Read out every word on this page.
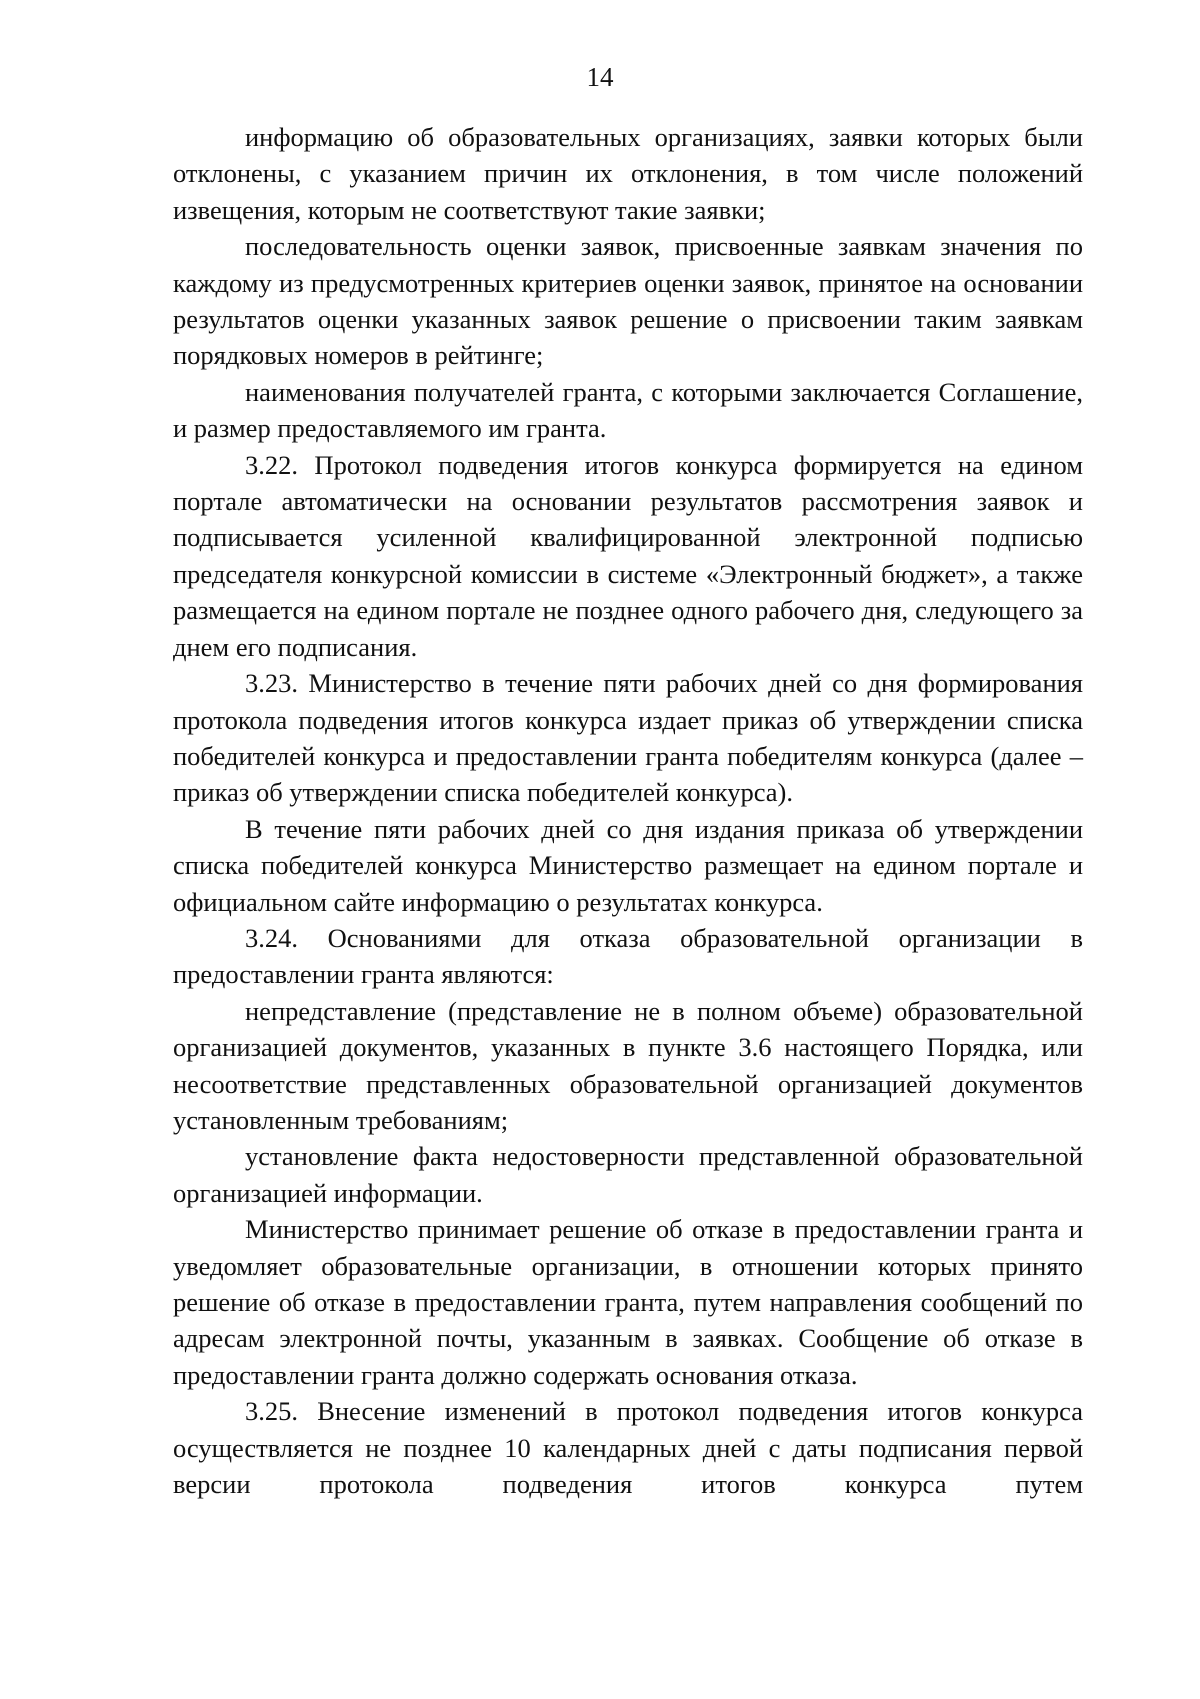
14

информацию об образовательных организациях, заявки которых были отклонены, с указанием причин их отклонения, в том числе положений извещения, которым не соответствуют такие заявки;

последовательность оценки заявок, присвоенные заявкам значения по каждому из предусмотренных критериев оценки заявок, принятое на основании результатов оценки указанных заявок решение о присвоении таким заявкам порядковых номеров в рейтинге;

наименования получателей гранта, с которыми заключается Соглашение, и размер предоставляемого им гранта.

3.22. Протокол подведения итогов конкурса формируется на едином портале автоматически на основании результатов рассмотрения заявок и подписывается усиленной квалифицированной электронной подписью председателя конкурсной комиссии в системе «Электронный бюджет», а также размещается на едином портале не позднее одного рабочего дня, следующего за днем его подписания.

3.23. Министерство в течение пяти рабочих дней со дня формирования протокола подведения итогов конкурса издает приказ об утверждении списка победителей конкурса и предоставлении гранта победителям конкурса (далее – приказ об утверждении списка победителей конкурса).

В течение пяти рабочих дней со дня издания приказа об утверждении списка победителей конкурса Министерство размещает на едином портале и официальном сайте информацию о результатах конкурса.

3.24. Основаниями для отказа образовательной организации в предоставлении гранта являются:

непредставление (представление не в полном объеме) образовательной организацией документов, указанных в пункте 3.6 настоящего Порядка, или несоответствие представленных образовательной организацией документов установленным требованиям;

установление факта недостоверности представленной образовательной организацией информации.

Министерство принимает решение об отказе в предоставлении гранта и уведомляет образовательные организации, в отношении которых принято решение об отказе в предоставлении гранта, путем направления сообщений по адресам электронной почты, указанным в заявках. Сообщение об отказе в предоставлении гранта должно содержать основания отказа.

3.25. Внесение изменений в протокол подведения итогов конкурса осуществляется не позднее 10 календарных дней с даты подписания первой версии протокола подведения итогов конкурса путем
